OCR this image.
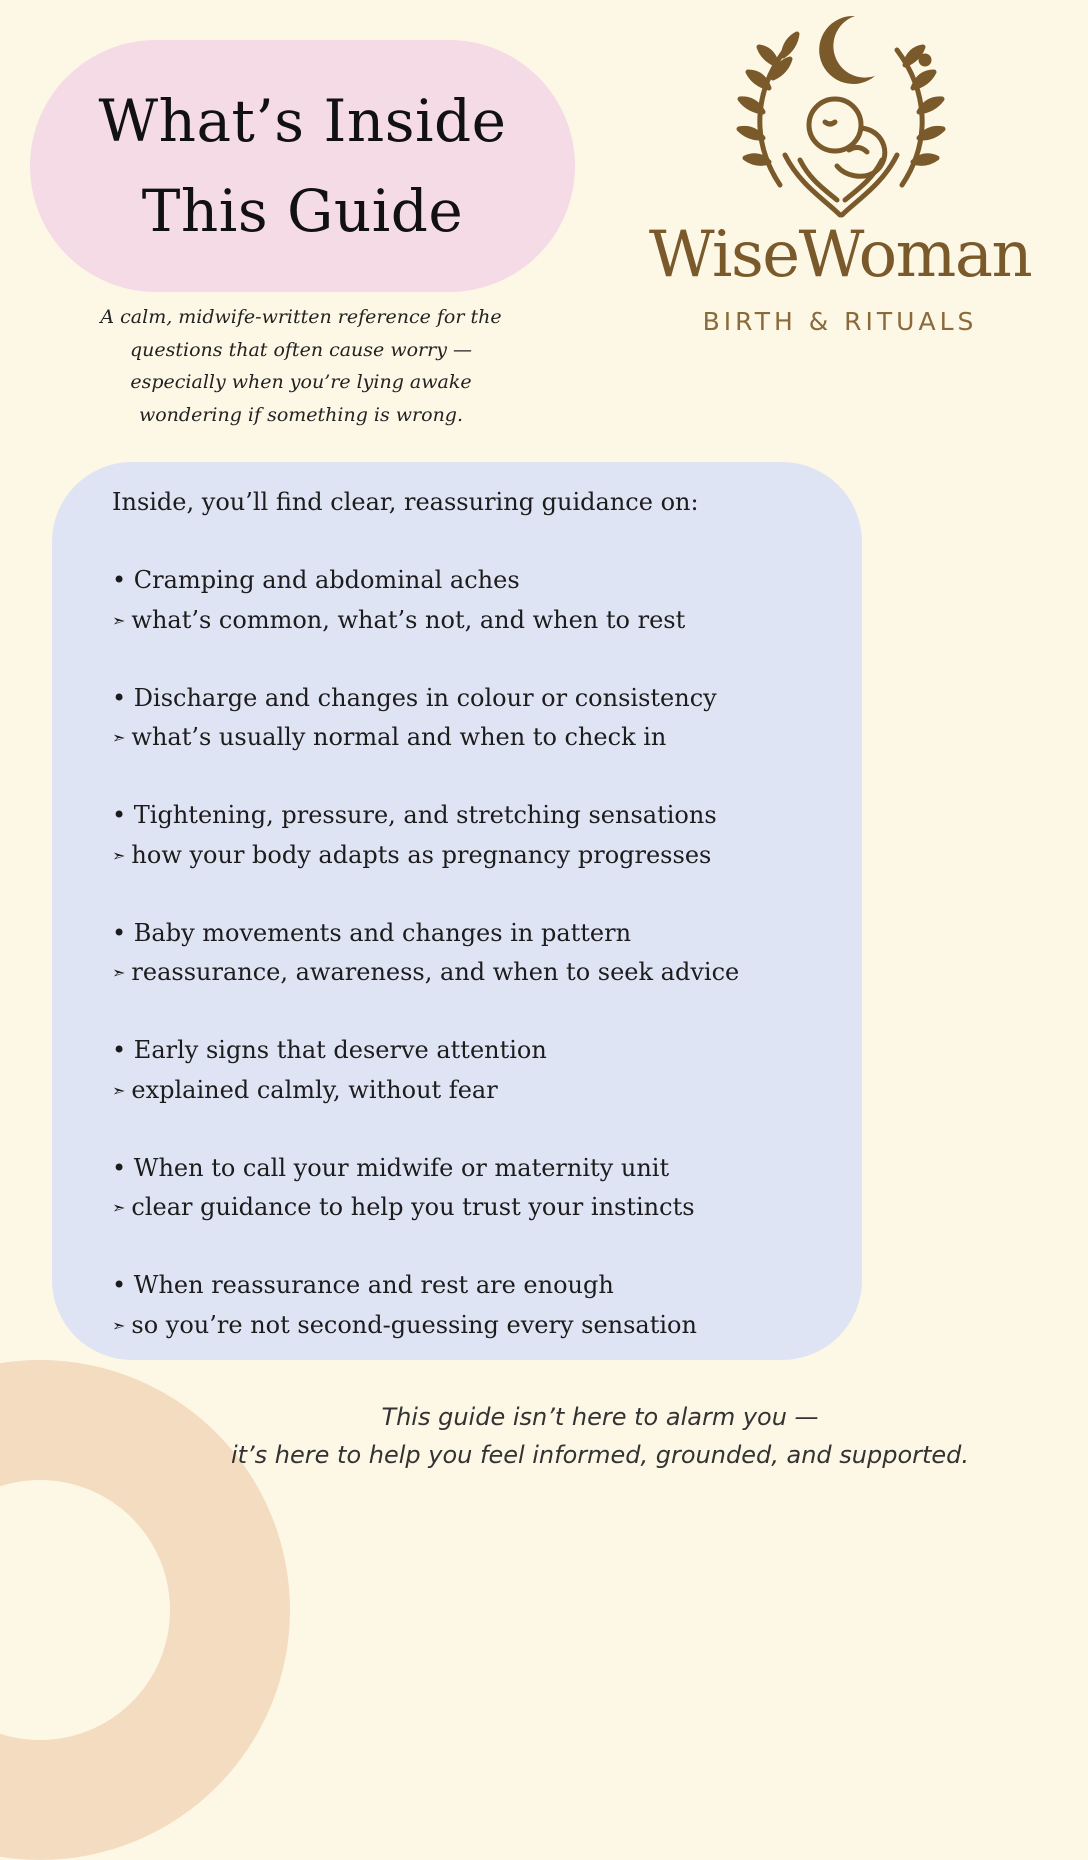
What’s Inside
This Guide

A calm, midwife-written reference for the
questions that often cause worry —
especially when you’re lying awake
wondering if something is wrong.

WiseWoman
BIRTH & RITUALS

Inside, you’ll find clear, reassuring guidance on:

• Cramping and abdominal aches
➣ what’s common, what’s not, and when to rest
• Discharge and changes in colour or consistency
➣ what’s usually normal and when to check in
• Tightening, pressure, and stretching sensations
➣ how your body adapts as pregnancy progresses
• Baby movements and changes in pattern
➣ reassurance, awareness, and when to seek advice
• Early signs that deserve attention
➣ explained calmly, without fear
• When to call your midwife or maternity unit
➣ clear guidance to help you trust your instincts
• When reassurance and rest are enough
➣ so you’re not second-guessing every sensation

This guide isn’t here to alarm you —
it’s here to help you feel informed, grounded, and supported.
